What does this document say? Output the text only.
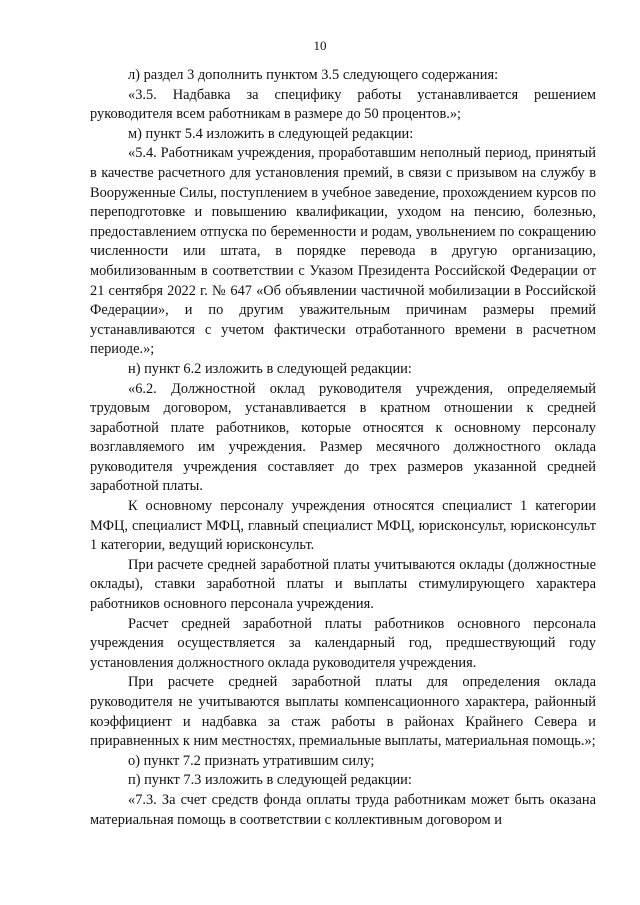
10

л) раздел 3 дополнить пунктом 3.5 следующего содержания:

«3.5. Надбавка за специфику работы устанавливается решением руководителя всем работникам в размере до 50 процентов.»;

м) пункт 5.4 изложить в следующей редакции:

«5.4. Работникам учреждения, проработавшим неполный период, принятый в качестве расчетного для установления премий, в связи с призывом на службу в Вооруженные Силы, поступлением в учебное заведение, прохождением курсов по переподготовке и повышению квалификации, уходом на пенсию, болезнью, предоставлением отпуска по беременности и родам, увольнением по сокращению численности или штата, в порядке перевода в другую организацию, мобилизованным в соответствии с Указом Президента Российской Федерации от 21 сентября 2022 г. № 647 «Об объявлении частичной мобилизации в Российской Федерации», и по другим уважительным причинам размеры премий устанавливаются с учетом фактически отработанного времени в расчетном периоде.»;

н) пункт 6.2 изложить в следующей редакции:

«6.2. Должностной оклад руководителя учреждения, определяемый трудовым договором, устанавливается в кратном отношении к средней заработной плате работников, которые относятся к основному персоналу возглавляемого им учреждения. Размер месячного должностного оклада руководителя учреждения составляет до трех размеров указанной средней заработной платы.

К основному персоналу учреждения относятся специалист 1 категории МФЦ, специалист МФЦ, главный специалист МФЦ, юрисконсульт, юрисконсульт 1 категории, ведущий юрисконсульт.

При расчете средней заработной платы учитываются оклады (должностные оклады), ставки заработной платы и выплаты стимулирующего характера работников основного персонала учреждения.

Расчет средней заработной платы работников основного персонала учреждения осуществляется за календарный год, предшествующий году установления должностного оклада руководителя учреждения.

При расчете средней заработной платы для определения оклада руководителя не учитываются выплаты компенсационного характера, районный коэффициент и надбавка за стаж работы в районах Крайнего Севера и приравненных к ним местностях, премиальные выплаты, материальная помощь.»;

о) пункт 7.2 признать утратившим силу;

п) пункт 7.3 изложить в следующей редакции:

«7.3. За счет средств фонда оплаты труда работникам может быть оказана материальная помощь в соответствии с коллективным договором и
